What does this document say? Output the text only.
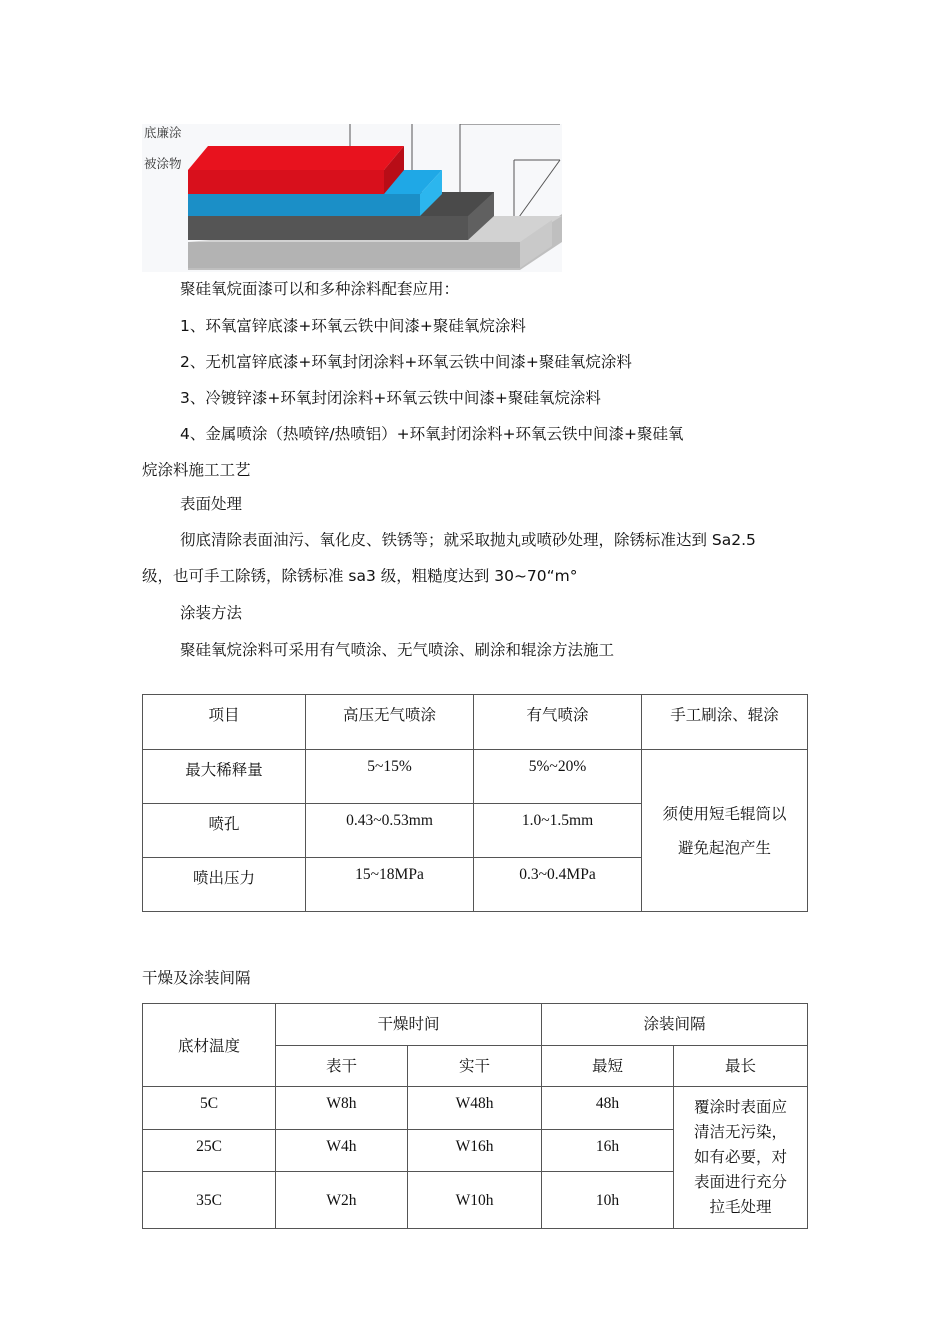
底廉涂
被涂物
聚硅氧烷面漆可以和多种涂料配套应用：
1、环氧富锌底漆+环氧云铁中间漆+聚硅氧烷涂料
2、无机富锌底漆+环氧封闭涂料+环氧云铁中间漆+聚硅氧烷涂料
3、冷镀锌漆+环氧封闭涂料+环氧云铁中间漆+聚硅氧烷涂料
4、金属喷涂（热喷锌/热喷铝）+环氧封闭涂料+环氧云铁中间漆+聚硅氧
烷涂料施工工艺
表面处理
彻底清除表面油污、氧化皮、铁锈等；就采取抛丸或喷砂处理，除锈标准达到 Sa2.5
级，也可手工除锈，除锈标准 sa3 级，粗糙度达到 30~70“m°
涂装方法
聚硅氧烷涂料可采用有气喷涂、无气喷涂、刷涂和辊涂方法施工
项目	高压无气喷涂	有气喷涂	手工刷涂、辊涂
最大稀释量	5~15%	5%~20%	须使用短毛辊筒以
避免起泡产生

喷孔	0.43~0.53mm	1.0~1.5mm	
喷出压力	15~18MPa	0.3~0.4MPa	
干燥及涂装间隔
底材温度	干燥时间		涂装间隔	
	表干	实干	最短	最长
5C	W8h	W48h	48h	覆涂时表面应
清洁无污染，
如有必要，对
表面进行充分
拉毛处理

25C	W4h	W16h	16h	
35C	W2h	W10h	10h	
